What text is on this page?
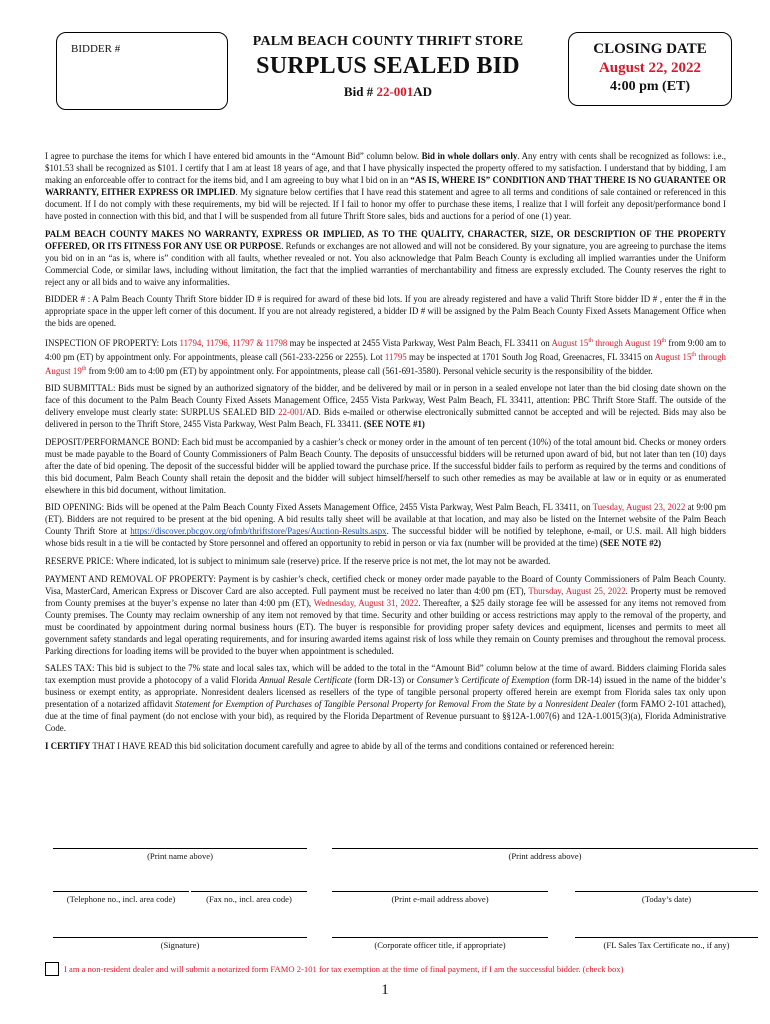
BIDDER #	PALM BEACH COUNTY THRIFT STORE
SURPLUS SEALED BID
Bid # 22-001AD
CLOSING DATE
August 22, 2022
4:00 pm (ET)

I agree to purchase the items for which I have entered bid amounts in the “Amount Bid” column below. Bid in whole dollars only. Any entry with cents shall be recognized as follows: i.e., $101.53 shall be recognized as $101. I certify that I am at least 18 years of age, and that I have physically inspected the property offered to my satisfaction. I understand that by bidding, I am making an enforceable offer to contract for the items bid, and I am agreeing to buy what I bid on in an “AS IS, WHERE IS” CONDITION AND THAT THERE IS NO GUARANTEE OR WARRANTY, EITHER EXPRESS OR IMPLIED. My signature below certifies that I have read this statement and agree to all terms and conditions of sale contained or referenced in this document. If I do not comply with these requirements, my bid will be rejected. If I fail to honor my offer to purchase these items, I realize that I will forfeit any deposit/performance bond I have posted in connection with this bid, and that I will be suspended from all future Thrift Store sales, bids and auctions for a period of one (1) year.

PALM BEACH COUNTY MAKES NO WARRANTY, EXPRESS OR IMPLIED, AS TO THE QUALITY, CHARACTER, SIZE, OR DESCRIPTION OF THE PROPERTY OFFERED, OR ITS FITNESS FOR ANY USE OR PURPOSE. Refunds or exchanges are not allowed and will not be considered. By your signature, you are agreeing to purchase the items you bid on in an “as is, where is” condition with all faults, whether revealed or not. You also acknowledge that Palm Beach County is excluding all implied warranties under the Uniform Commercial Code, or similar laws, including without limitation, the fact that the implied warranties of merchantability and fitness are expressly excluded. The County reserves the right to reject any or all bids and to waive any informalities.

BIDDER # : A Palm Beach County Thrift Store bidder ID # is required for award of these bid lots. If you are already registered and have a valid Thrift Store bidder ID # , enter the # in the appropriate space in the upper left corner of this document. If you are not already registered, a bidder ID # will be assigned by the Palm Beach County Fixed Assets Management Office when the bids are opened.

INSPECTION OF PROPERTY: Lots 11794, 11796, 11797 & 11798 may be inspected at 2455 Vista Parkway, West Palm Beach, FL 33411 on August 15th through August 19th from 9:00 am to 4:00 pm (ET) by appointment only. For appointments, please call (561-233-2256 or 2255). Lot 11795 may be inspected at 1701 South Jog Road, Greenacres, FL 33415 on August 15th through August 19th from 9:00 am to 4:00 pm (ET) by appointment only. For appointments, please call (561-691-3580). Personal vehicle security is the responsibility of the bidder.

BID SUBMITTAL: Bids must be signed by an authorized signatory of the bidder, and be delivered by mail or in person in a sealed envelope not later than the bid closing date shown on the face of this document to the Palm Beach County Fixed Assets Management Office, 2455 Vista Parkway, West Palm Beach, FL 33411, attention: PBC Thrift Store Staff. The outside of the delivery envelope must clearly state: SURPLUS SEALED BID 22-001/AD. Bids e-mailed or otherwise electronically submitted cannot be accepted and will be rejected. Bids may also be delivered in person to the Thrift Store, 2455 Vista Parkway, West Palm Beach, FL 33411. (SEE NOTE #1)

DEPOSIT/PERFORMANCE BOND: Each bid must be accompanied by a cashier’s check or money order in the amount of ten percent (10%) of the total amount bid. Checks or money orders must be made payable to the Board of County Commissioners of Palm Beach County. The deposits of unsuccessful bidders will be returned upon award of bid, but not later than ten (10) days after the date of bid opening. The deposit of the successful bidder will be applied toward the purchase price. If the successful bidder fails to perform as required by the terms and conditions of this bid document, Palm Beach County shall retain the deposit and the bidder will subject himself/herself to such other remedies as may be available at law or in equity or as enumerated elsewhere in this bid document, without limitation.

BID OPENING: Bids will be opened at the Palm Beach County Fixed Assets Management Office, 2455 Vista Parkway, West Palm Beach, FL 33411, on Tuesday, August 23, 2022 at 9:00 pm (ET). Bidders are not required to be present at the bid opening. A bid results tally sheet will be available at that location, and may also be listed on the Internet website of the Palm Beach County Thrift Store at https://discover.pbcgov.org/ofmb/thriftstore/Pages/Auction-Results.aspx. The successful bidder will be notified by telephone, e-mail, or U.S. mail. All high bidders whose bids result in a tie will be contacted by Store personnel and offered an opportunity to rebid in person or via fax (number will be provided at the time) (SEE NOTE #2)

RESERVE PRICE: Where indicated, lot is subject to minimum sale (reserve) price. If the reserve price is not met, the lot may not be awarded.

PAYMENT AND REMOVAL OF PROPERTY: Payment is by cashier’s check, certified check or money order made payable to the Board of County Commissioners of Palm Beach County. Visa, MasterCard, American Express or Discover Card are also accepted. Full payment must be received no later than 4:00 pm (ET), Thursday, August 25, 2022. Property must be removed from County premises at the buyer’s expense no later than 4:00 pm (ET), Wednesday, August 31, 2022. Thereafter, a $25 daily storage fee will be assessed for any items not removed from County premises. The County may reclaim ownership of any item not removed by that time. Security and other building or access restrictions may apply to the removal of the property, and must be coordinated by appointment during normal business hours (ET). The buyer is responsible for providing proper safety devices and equipment, licenses and permits to meet all government safety standards and legal operating requirements, and for insuring awarded items against risk of loss while they remain on County premises and throughout the removal process. Parking directions for loading items will be provided to the buyer when appointment is scheduled.

SALES TAX: This bid is subject to the 7% state and local sales tax, which will be added to the total in the “Amount Bid” column below at the time of award. Bidders claiming Florida sales tax exemption must provide a photocopy of a valid Florida Annual Resale Certificate (form DR-13) or Consumer’s Certificate of Exemption (form DR-14) issued in the name of the bidder’s business or exempt entity, as appropriate. Nonresident dealers licensed as resellers of the type of tangible personal property offered herein are exempt from Florida sales tax only upon presentation of a notarized affidavit Statement for Exemption of Purchases of Tangible Personal Property for Removal From the State by a Nonresident Dealer (form FAMO 2-101 attached), due at the time of final payment (do not enclose with your bid), as required by the Florida Department of Revenue pursuant to §§12A-1.007(6) and 12A-1.0015(3)(a), Florida Administrative Code.

I CERTIFY THAT I HAVE READ this bid solicitation document carefully and agree to abide by all of the terms and conditions contained or referenced herein:

(Print name above)	(Print address above)
(Telephone no., incl. area code)	(Fax no., incl. area code)	(Print e-mail address above)	(Today’s date)
(Signature)	(Corporate officer title, if appropriate)	(FL Sales Tax Certificate no., if any)
I am a non-resident dealer and will submit a notarized form FAMO 2-101 for tax exemption at the time of final payment, if I am the successful bidder. (check box)
1
